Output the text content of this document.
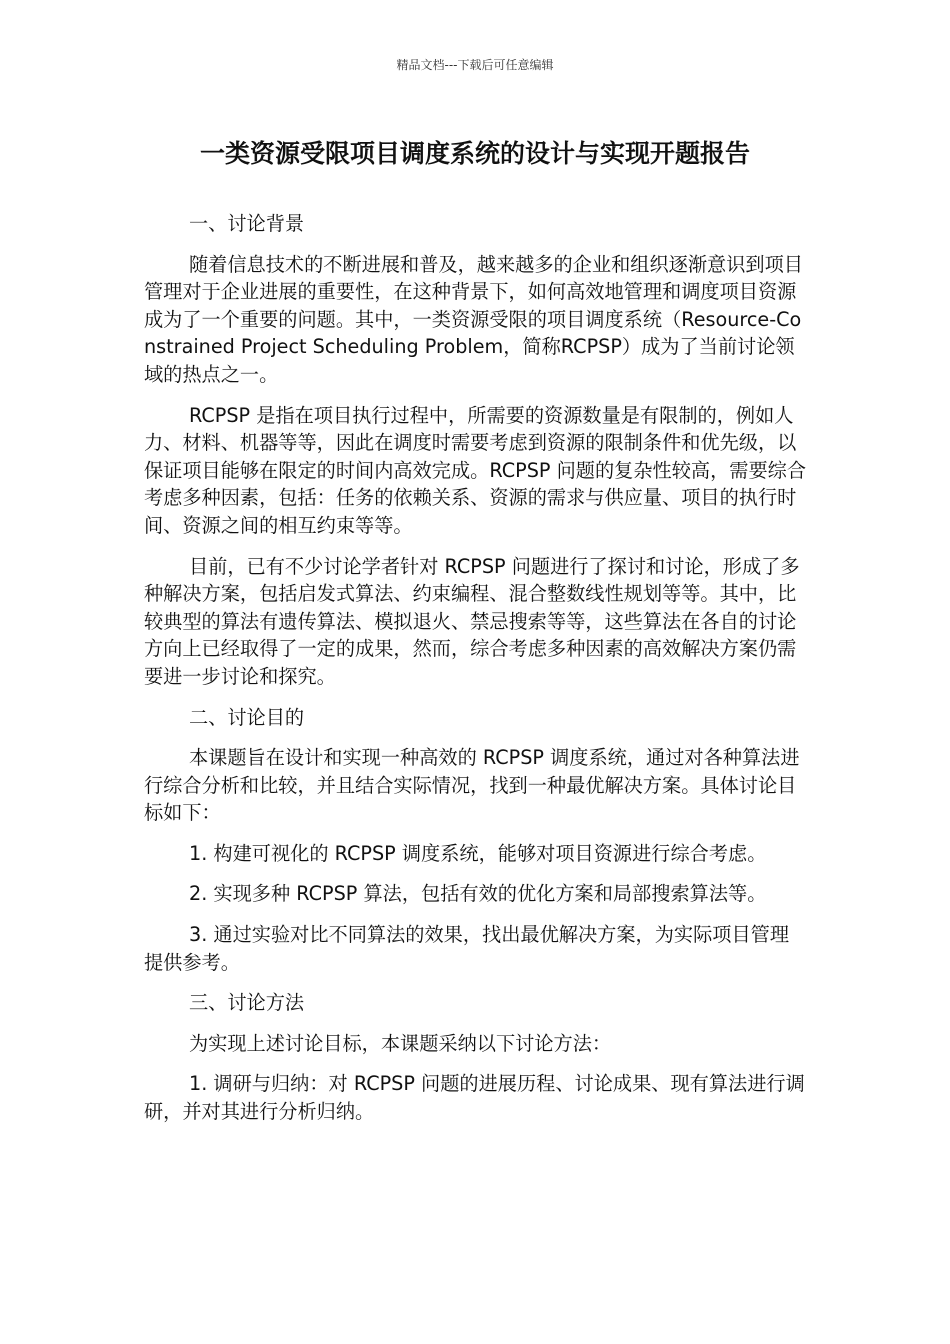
精品文档---下载后可任意编辑
一类资源受限项目调度系统的设计与实现开题报告

一、讨论背景

随着信息技术的不断进展和普及，越来越多的企业和组织逐渐意识到项目管理对于企业进展的重要性，在这种背景下，如何高效地管理和调度项目资源成为了一个重要的问题。其中，一类资源受限的项目调度系统（Resource-Constrained Project Scheduling Problem，简称RCPSP）成为了当前讨论领域的热点之一。

RCPSP 是指在项目执行过程中，所需要的资源数量是有限制的，例如人力、材料、机器等等，因此在调度时需要考虑到资源的限制条件和优先级，以保证项目能够在限定的时间内高效完成。RCPSP 问题的复杂性较高，需要综合考虑多种因素，包括：任务的依赖关系、资源的需求与供应量、项目的执行时间、资源之间的相互约束等等。

目前，已有不少讨论学者针对 RCPSP 问题进行了探讨和讨论，形成了多种解决方案，包括启发式算法、约束编程、混合整数线性规划等等。其中，比较典型的算法有遗传算法、模拟退火、禁忌搜索等等，这些算法在各自的讨论方向上已经取得了一定的成果，然而，综合考虑多种因素的高效解决方案仍需要进一步讨论和探究。

二、讨论目的

本课题旨在设计和实现一种高效的 RCPSP 调度系统，通过对各种算法进行综合分析和比较，并且结合实际情况，找到一种最优解决方案。具体讨论目标如下：

1. 构建可视化的 RCPSP 调度系统，能够对项目资源进行综合考虑。

2. 实现多种 RCPSP 算法，包括有效的优化方案和局部搜索算法等。

3. 通过实验对比不同算法的效果，找出最优解决方案，为实际项目管理提供参考。

三、讨论方法

为实现上述讨论目标，本课题采纳以下讨论方法：

1. 调研与归纳：对 RCPSP 问题的进展历程、讨论成果、现有算法进行调研，并对其进行分析归纳。
